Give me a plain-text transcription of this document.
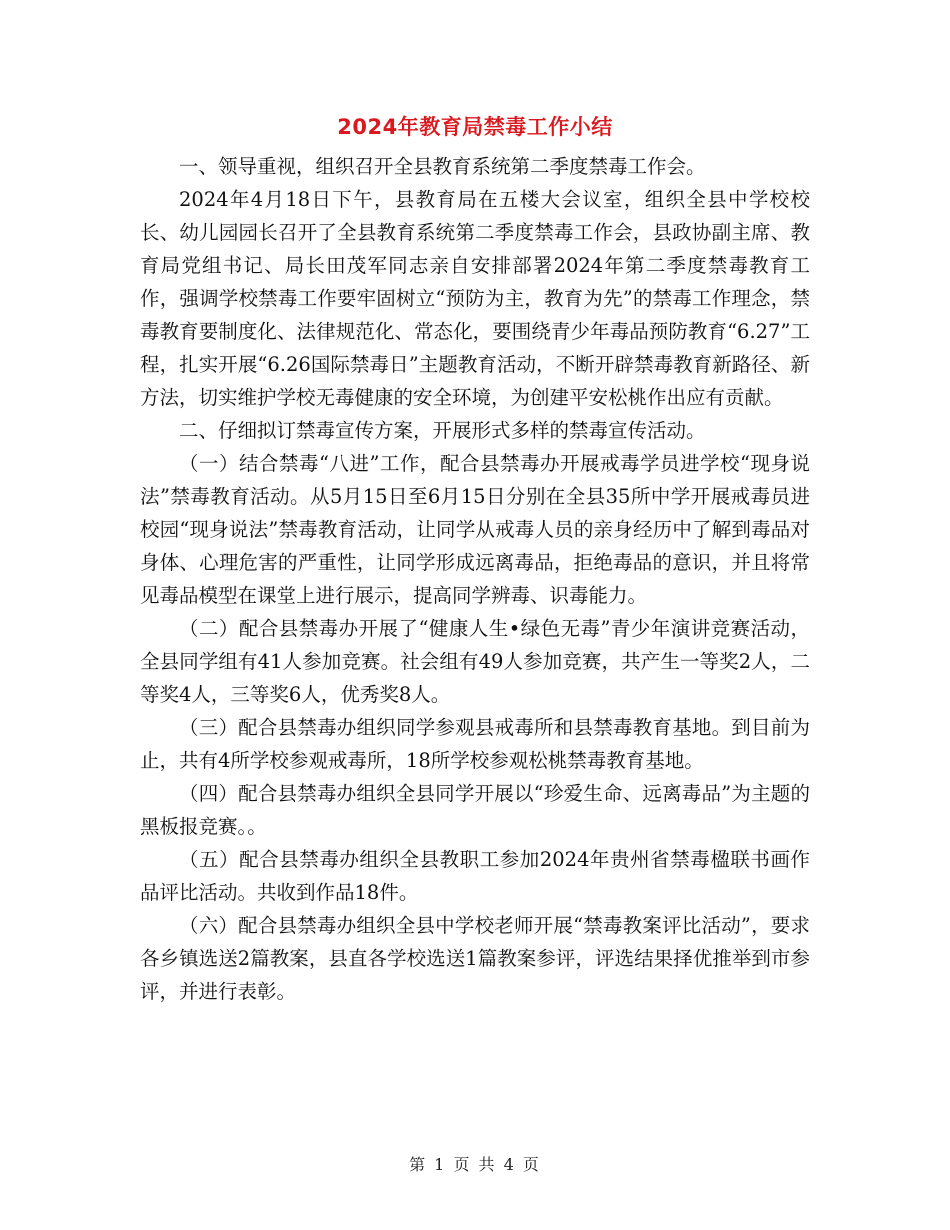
2024年教育局禁毒工作小结

一、领导重视，组织召开全县教育系统第二季度禁毒工作会。

2024年4月18日下午，县教育局在五楼大会议室，组织全县中学校校长、幼儿园园长召开了全县教育系统第二季度禁毒工作会，县政协副主席、教育局党组书记、局长田茂军同志亲自安排部署2024年第二季度禁毒教育工作，强调学校禁毒工作要牢固树立“预防为主，教育为先”的禁毒工作理念，禁毒教育要制度化、法律规范化、常态化，要围绕青少年毒品预防教育“6.27”工程，扎实开展“6.26国际禁毒日”主题教育活动，不断开辟禁毒教育新路径、新方法，切实维护学校无毒健康的安全环境，为创建平安松桃作出应有贡献。

二、仔细拟订禁毒宣传方案，开展形式多样的禁毒宣传活动。

（一）结合禁毒“八进”工作，配合县禁毒办开展戒毒学员进学校“现身说法”禁毒教育活动。从5月15日至6月15日分别在全县35所中学开展戒毒员进校园“现身说法”禁毒教育活动，让同学从戒毒人员的亲身经历中了解到毒品对身体、心理危害的严重性，让同学形成远离毒品，拒绝毒品的意识，并且将常见毒品模型在课堂上进行展示，提高同学辨毒、识毒能力。

（二）配合县禁毒办开展了“健康人生•绿色无毒”青少年演讲竞赛活动，全县同学组有41人参加竞赛。社会组有49人参加竞赛，共产生一等奖2人，二等奖4人，三等奖6人，优秀奖8人。

（三）配合县禁毒办组织同学参观县戒毒所和县禁毒教育基地。到目前为止，共有4所学校参观戒毒所，18所学校参观松桃禁毒教育基地。

（四）配合县禁毒办组织全县同学开展以“珍爱生命、远离毒品”为主题的黑板报竞赛。。

（五）配合县禁毒办组织全县教职工参加2024年贵州省禁毒楹联书画作品评比活动。共收到作品18件。

（六）配合县禁毒办组织全县中学校老师开展“禁毒教案评比活动”，要求各乡镇选送2篇教案，县直各学校选送1篇教案参评，评选结果择优推举到市参评，并进行表彰。

第 1 页 共 4 页
